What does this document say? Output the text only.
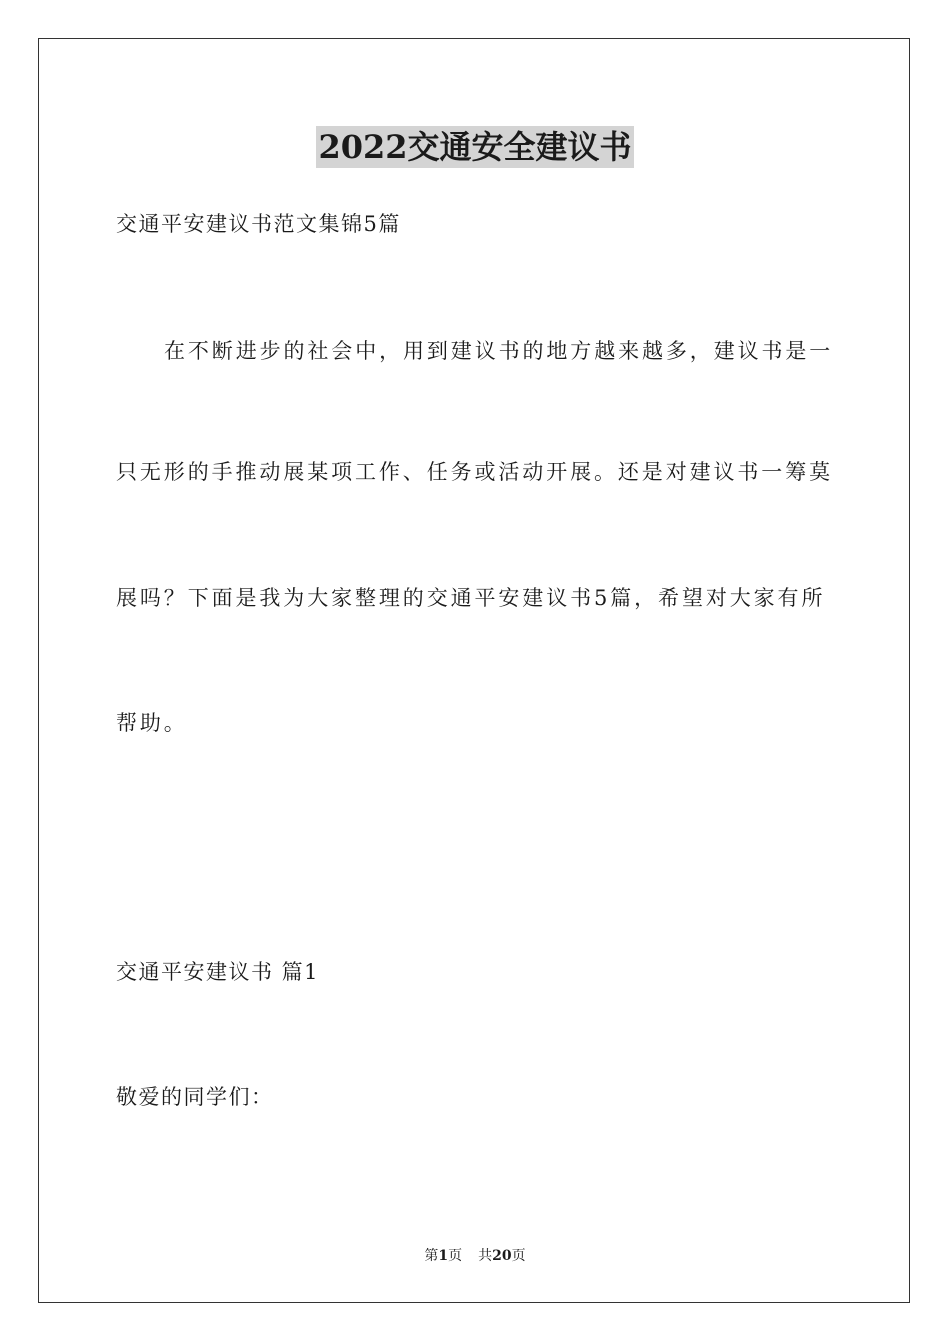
2022交通安全建议书
交通平安建议书范文集锦5篇
在不断进步的社会中，用到建议书的地方越来越多，建议书是一
只无形的手推动展某项工作、任务或活动开展。还是对建议书一筹莫
展吗？下面是我为大家整理的交通平安建议书5篇，希望对大家有所
帮助。
交通平安建议书 篇1
敬爱的同学们：
第1页 共20页
